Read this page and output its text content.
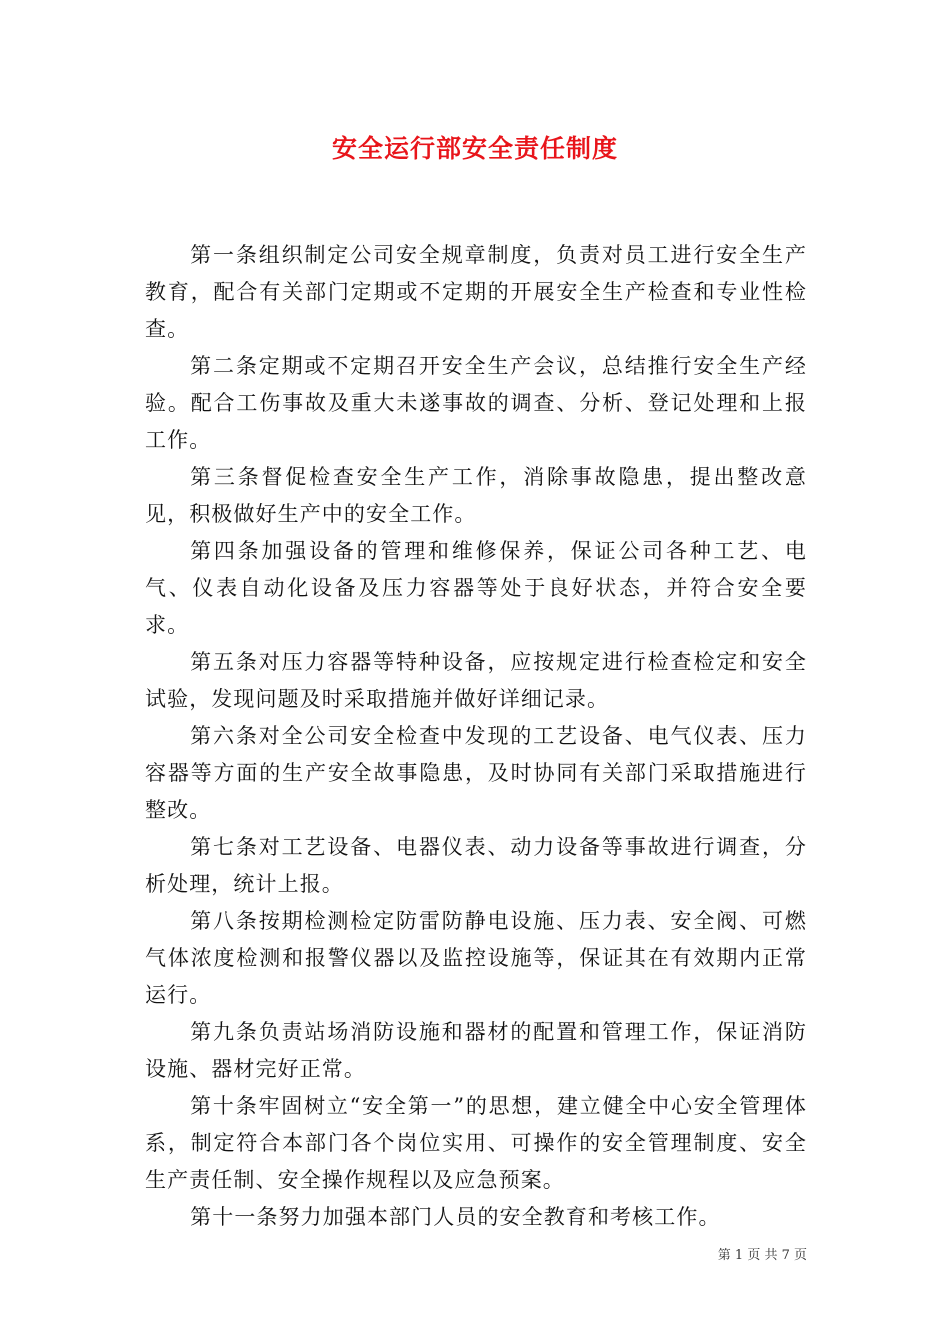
安全运行部安全责任制度

第一条组织制定公司安全规章制度，负责对员工进行安全生产教育，配合有关部门定期或不定期的开展安全生产检查和专业性检查。

第二条定期或不定期召开安全生产会议，总结推行安全生产经验。配合工伤事故及重大未遂事故的调查、分析、登记处理和上报工作。

第三条督促检查安全生产工作，消除事故隐患，提出整改意见，积极做好生产中的安全工作。

第四条加强设备的管理和维修保养，保证公司各种工艺、电气、仪表自动化设备及压力容器等处于良好状态，并符合安全要求。

第五条对压力容器等特种设备，应按规定进行检查检定和安全试验，发现问题及时采取措施并做好详细记录。

第六条对全公司安全检查中发现的工艺设备、电气仪表、压力容器等方面的生产安全故事隐患，及时协同有关部门采取措施进行整改。

第七条对工艺设备、电器仪表、动力设备等事故进行调查，分析处理，统计上报。

第八条按期检测检定防雷防静电设施、压力表、安全阀、可燃气体浓度检测和报警仪器以及监控设施等，保证其在有效期内正常运行。

第九条负责站场消防设施和器材的配置和管理工作，保证消防设施、器材完好正常。

第十条牢固树立“安全第一”的思想，建立健全中心安全管理体系，制定符合本部门各个岗位实用、可操作的安全管理制度、安全生产责任制、安全操作规程以及应急预案。

第十一条努力加强本部门人员的安全教育和考核工作。

第 1 页 共 7 页
